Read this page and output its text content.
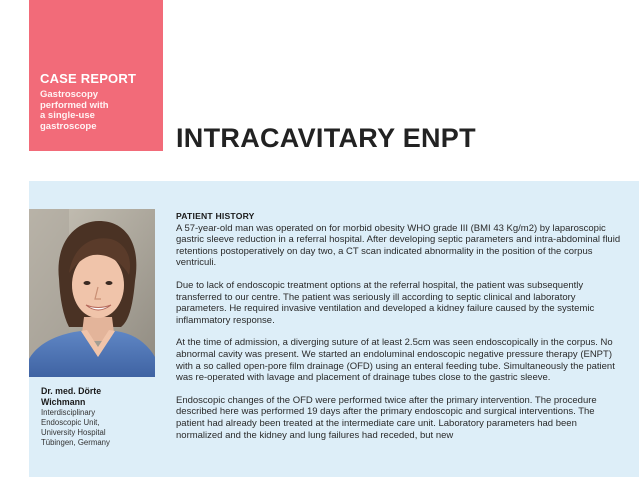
CASE REPORT
Gastroscopy
performed with
a single-use
gastroscope	INTRACAVITARY ENPT
Dr. med. Dörte
Wichmann
Interdisciplinary
Endoscopic Unit,
University Hospital
Tübingen, Germany
PATIENT HISTORY

A 57-year-old man was operated on for morbid obesity WHO grade III (BMI 43 Kg/m2) by laparoscopic gastric sleeve reduction in a referral hospital. After developing septic parameters and intra-abdominal fluid retentions postoperatively on day two, a CT scan indicated abnormality in the position of the corpus ventriculi.

Due to lack of endoscopic treatment options at the referral hospital, the patient was subsequently transferred to our centre. The patient was seriously ill according to septic clinical and laboratory parameters. He required invasive ventilation and developed a kidney failure caused by the systemic inflammatory response.

At the time of admission, a diverging suture of at least 2.5cm was seen endoscopically in the corpus. No abnormal cavity was present. We started an endoluminal endoscopic negative pressure therapy (ENPT) with a so called open-pore film drainage (OFD) using an enteral feeding tube. Simultaneously the patient was re-operated with lavage and placement of drainage tubes close to the gastric sleeve.

Endoscopic changes of the OFD were performed twice after the primary intervention. The procedure described here was performed 19 days after the primary endoscopic and surgical interventions. The patient had already been treated at the intermediate care unit. Laboratory parameters had been normalized and the kidney and lung failures had receded, but new
